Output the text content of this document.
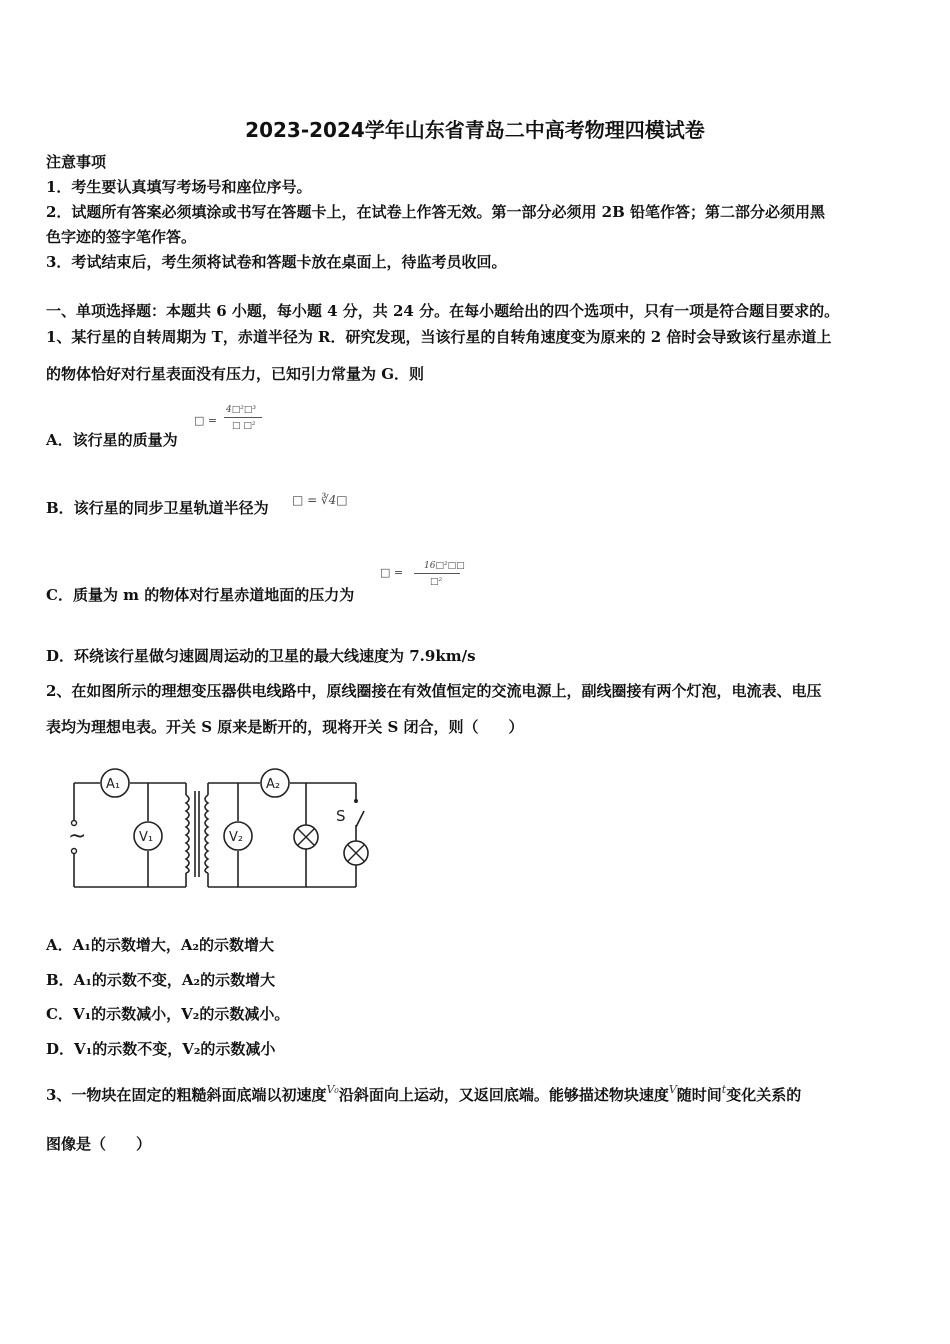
2023-2024学年山东省青岛二中高考物理四模试卷
注意事项
1．考生要认真填写考场号和座位序号。
2．试题所有答案必须填涂或书写在答题卡上，在试卷上作答无效。第一部分必须用 2B 铅笔作答；第二部分必须用黑
色字迹的签字笔作答。
3．考试结束后，考生须将试卷和答题卡放在桌面上，待监考员收回。
一、单项选择题：本题共 6 小题，每小题 4 分，共 24 分。在每小题给出的四个选项中，只有一项是符合题目要求的。
1、某行星的自转周期为 T，赤道半径为 R．研究发现，当该行星的自转角速度变为原来的 2 倍时会导致该行星赤道上
的物体恰好对行星表面没有压力，已知引力常量为 G．则
A．该行星的质量为
□ =
4□²□³
□ □²
B．该行星的同步卫星轨道半径为 □ = ∛4□
C．质量为 m 的物体对行星赤道地面的压力为
□ = 16□²□□
□²
D．环绕该行星做匀速圆周运动的卫星的最大线速度为 7.9km/s
2、在如图所示的理想变压器供电线路中，原线圈接在有效值恒定的交流电源上，副线圈接有两个灯泡，电流表、电压
表均为理想电表。开关 S 原来是断开的，现将开关 S 闭合，则（　　）
~
A₁
V₁
A₂
V₂
S
A．A₁的示数增大，A₂的示数增大
B．A₁的示数不变，A₂的示数增大
C．V₁的示数减小，V₂的示数减小。
D．V₁的示数不变，V₂的示数减小
3、一物块在固定的粗糙斜面底端以初速度$^{V_0}$沿斜面向上运动，又返回底端。能够描述物块速度$^V$随时间$^t$变化关系的
图像是（　　）
